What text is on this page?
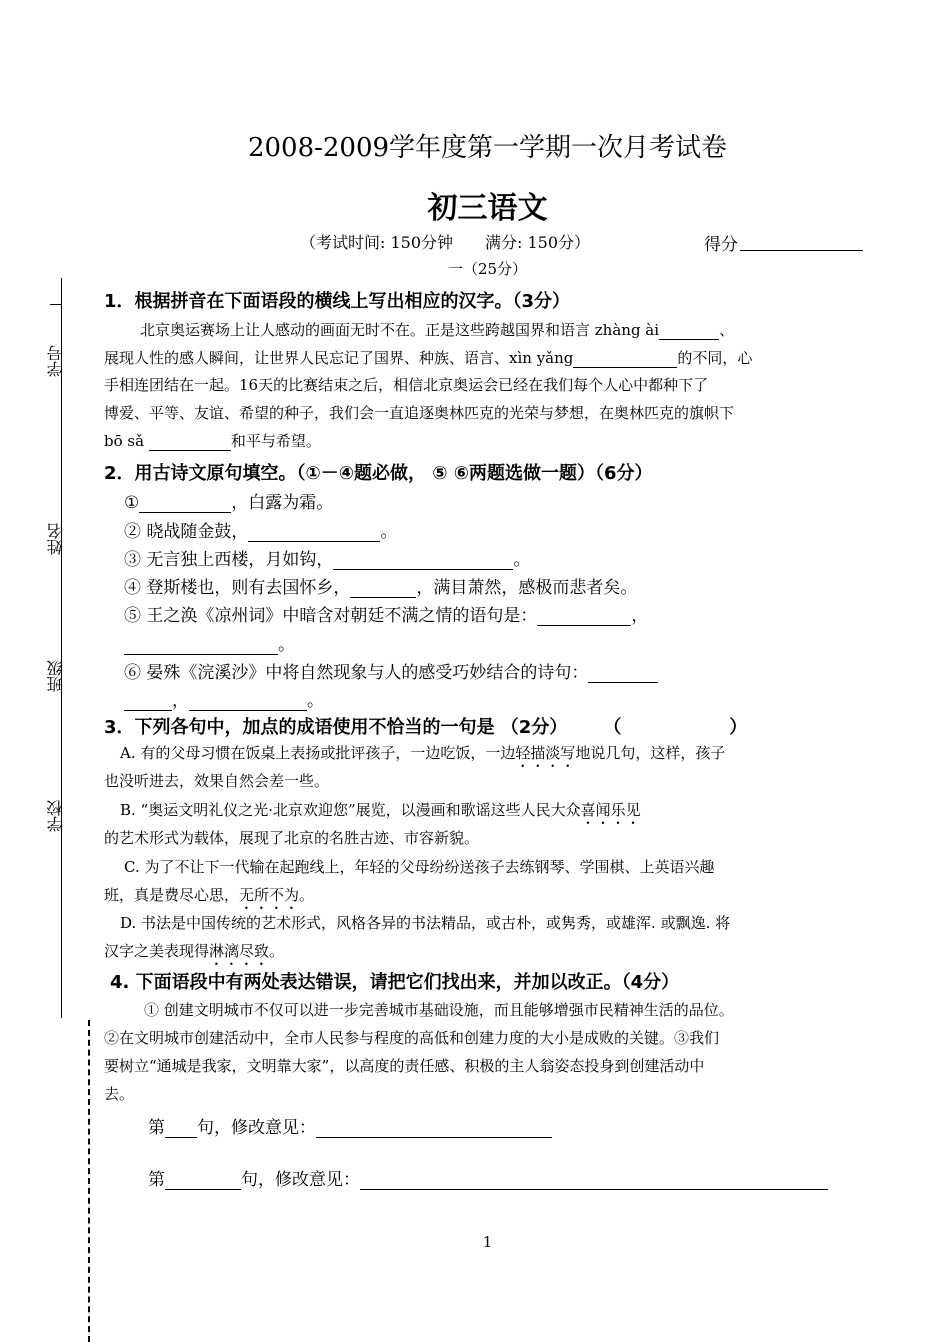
2008-2009学年度第一学期一次月考试卷
初三语文
（考试时间: 150分钟　　满分: 150分）	得分
一（25分）
学号
姓名
班级
学校
1．根据拼音在下面语段的横线上写出相应的汉字。（3分）
北京奥运赛场上让人感动的画面无时不在。正是这些跨越国界和语言 zhàng ài	、
展现人性的感人瞬间，让世界人民忘记了国界、种族、语言、xìn yǎng	的不同，心
手相连团结在一起。16天的比赛结束之后，相信北京奥运会已经在我们每个人心中都种下了
博爱、平等、友谊、希望的种子，我们会一直追逐奥林匹克的光荣与梦想，在奥林匹克的旗帜下
bō sǎ	和平与希望。
2．用古诗文原句填空。（①－④题必做， ⑤ ⑥两题选做一题）（6分）
①	，白露为霜。
② 晓战随金鼓，	。
③ 无言独上西楼，月如钩，	。
④ 登斯楼也，则有去国怀乡，	，满目萧然，感极而悲者矣。
⑤ 王之涣《凉州词》中暗含对朝廷不满之情的语句是：	，
。
⑥ 晏殊《浣溪沙》中将自然现象与人的感受巧妙结合的诗句：
，	。
3．下列各句中，加点的成语使用不恰当的一句是 （2分）　　　（　　　　　　）
A. 有的父母习惯在饭桌上表扬或批评孩子，一边吃饭，一边轻描淡写地说几句，这样，孩子
也没听进去，效果自然会差一些。
B. “奥运文明礼仪之光·北京欢迎您”展览，以漫画和歌谣这些人民大众喜闻乐见
的艺术形式为载体，展现了北京的名胜古迹、市容新貌。
C. 为了不让下一代输在起跑线上，年轻的父母纷纷送孩子去练钢琴、学围棋、上英语兴趣
班，真是费尽心思，无所不为。
D. 书法是中国传统的艺术形式，风格各异的书法精品，或古朴，或隽秀，或雄浑. 或飘逸. 将
汉字之美表现得淋漓尽致。
4. 下面语段中有两处表达错误，请把它们找出来，并加以改正。（4分）
① 创建文明城市不仅可以进一步完善城市基础设施，而且能够增强市民精神生活的品位。
②在文明城市创建活动中，全市人民参与程度的高低和创建力度的大小是成败的关键。③我们
要树立“通城是我家，文明靠大家”，以高度的责任感、积极的主人翁姿态投身到创建活动中
去。
第 句，修改意见：
第	句，修改意见：
1
